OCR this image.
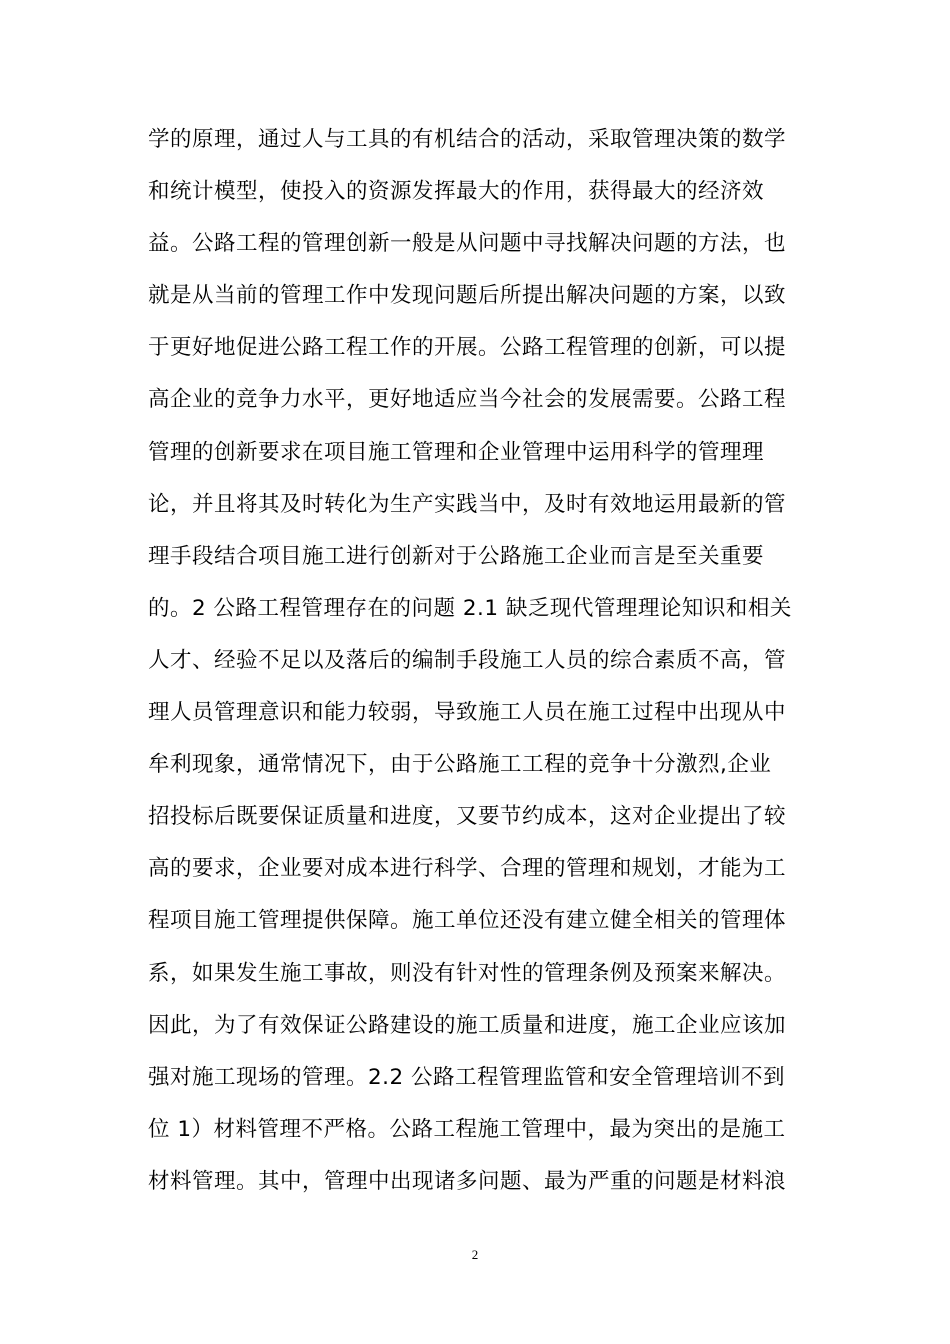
学的原理，通过人与工具的有机结合的活动，采取管理决策的数学
和统计模型，使投入的资源发挥最大的作用，获得最大的经济效
益。公路工程的管理创新一般是从问题中寻找解决问题的方法，也
就是从当前的管理工作中发现问题后所提出解决问题的方案，以致
于更好地促进公路工程工作的开展。公路工程管理的创新，可以提
高企业的竞争力水平，更好地适应当今社会的发展需要。公路工程
管理的创新要求在项目施工管理和企业管理中运用科学的管理理
论，并且将其及时转化为生产实践当中，及时有效地运用最新的管
理手段结合项目施工进行创新对于公路施工企业而言是至关重要
的。2 公路工程管理存在的问题 2.1 缺乏现代管理理论知识和相关
人才、经验不足以及落后的编制手段施工人员的综合素质不高，管
理人员管理意识和能力较弱，导致施工人员在施工过程中出现从中
牟利现象，通常情况下，由于公路施工工程的竞争十分激烈,企业
招投标后既要保证质量和进度，又要节约成本，这对企业提出了较
高的要求，企业要对成本进行科学、合理的管理和规划，才能为工
程项目施工管理提供保障。施工单位还没有建立健全相关的管理体
系，如果发生施工事故，则没有针对性的管理条例及预案来解决。
因此，为了有效保证公路建设的施工质量和进度，施工企业应该加
强对施工现场的管理。2.2 公路工程管理监管和安全管理培训不到
位 1）材料管理不严格。公路工程施工管理中，最为突出的是施工
材料管理。其中，管理中出现诸多问题、最为严重的问题是材料浪
2
